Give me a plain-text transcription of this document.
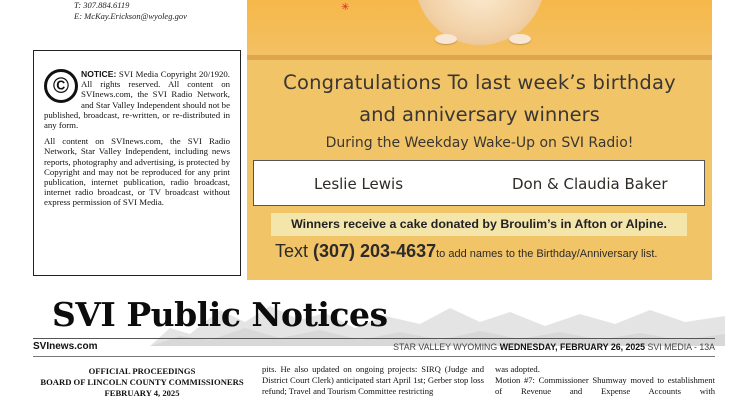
T: 307.884.6119
E: McKay.Erickson@wyoleg.gov

©	NOTICE: SVI Media Copyright 20/1920. All rights reserved. All content on SVInews.com, the SVI Radio Network, and Star Valley Independent should not be published, broadcast, re-written, or re-distributed in any form.

All content on SVInews.com, the SVI Radio Network, Star Valley Independent, including news reports, photography and advertising, is protected by Copyright and may not be reproduced for any print publication, internet publication, radio broadcast, internet radio broadcast, or TV broadcast without express permission of SVI Media.

✳
Congratulations To last week’s birthday
and anniversary winners
During the Weekday Wake-Up on SVI Radio!
Leslie Lewis	Don & Claudia Baker
Winners receive a cake donated by Broulim’s in Afton or Alpine.
Text (307) 203-4637to add names to the Birthday/Anniversary list.
SVI Public Notices
SVInews.com	STAR VALLEY WYOMING WEDNESDAY, FEBRUARY 26, 2025 SVI MEDIA - 13A
OFFICIAL PROCEEDINGS
BOARD OF LINCOLN COUNTY COMMISSIONERS
FEBRUARY 4, 2025
pits. He also updated on ongoing projects: SIRQ (Judge and District Court Clerk) anticipated start April 1st; Gerber stop loss refund; Travel and Tourism Committee restricting
was adopted.
Motion #7: Commissioner Shumway moved to establishment of Revenue and Expense Accounts with
